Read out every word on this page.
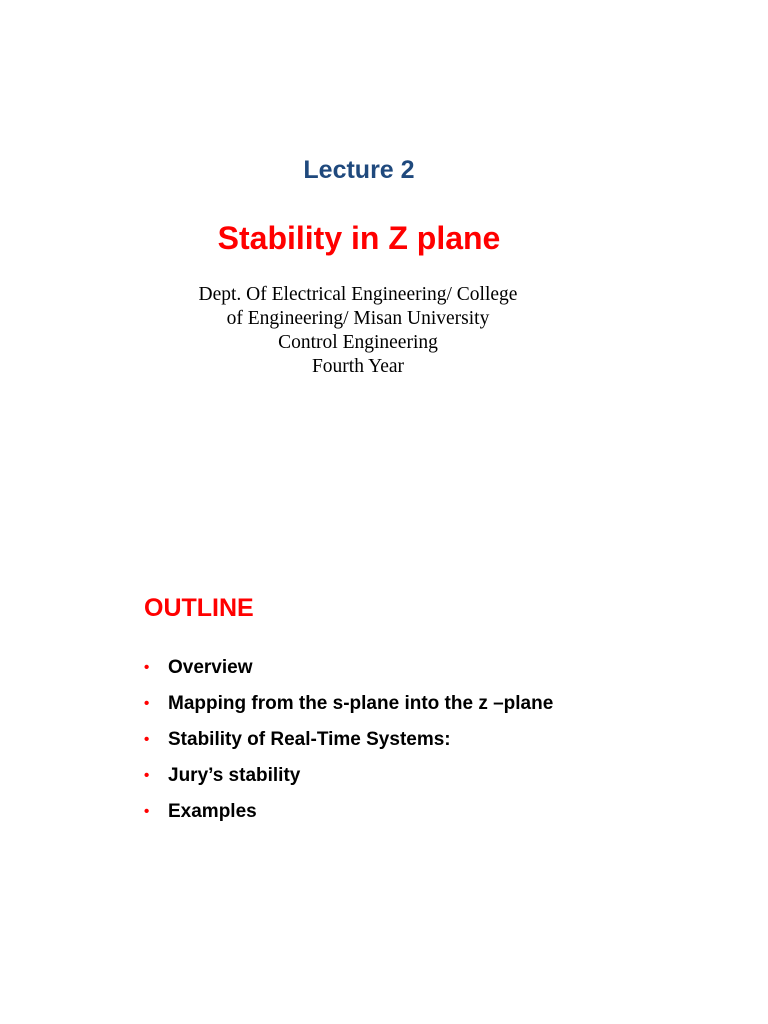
Lecture 2
Stability in Z plane
Dept. Of Electrical Engineering/ College
of Engineering/ Misan University
Control Engineering
Fourth Year
OUTLINE
• Overview
• Mapping from the s-plane into the z –plane
• Stability of Real-Time Systems:
• Jury’s stability
• Examples
